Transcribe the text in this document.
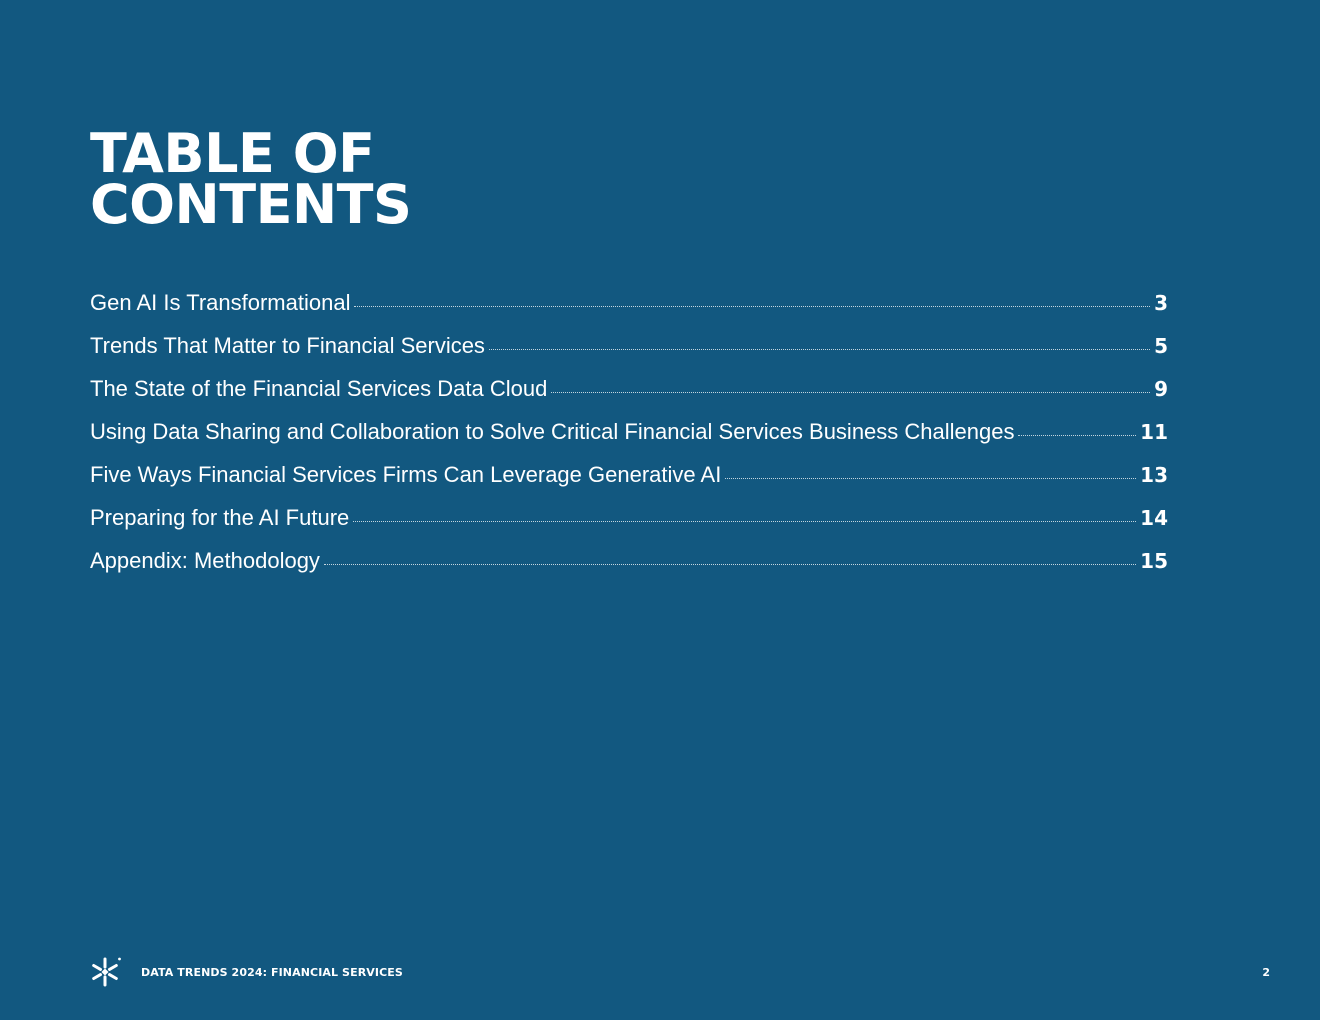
TABLE OF
CONTENTS
Gen AI Is Transformational	3
Trends That Matter to Financial Services	5
The State of the Financial Services Data Cloud	9
Using Data Sharing and Collaboration to Solve Critical Financial Services Business Challenges	11
Five Ways Financial Services Firms Can Leverage Generative AI	13
Preparing for the AI Future	14
Appendix: Methodology	15
DATA TRENDS 2024: FINANCIAL SERVICES	2
